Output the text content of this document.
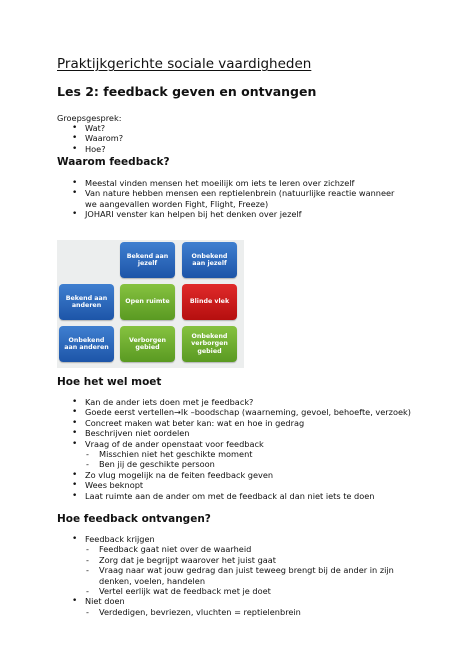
Praktijkgerichte sociale vaardigheden
Les 2: feedback geven en ontvangen
Groepsgesprek:
• Wat?
• Waarom?
• Hoe?
Waarom feedback?
• Meestal vinden mensen het moeilijk om iets te leren over zichzelf
• Van nature hebben mensen een reptielenbrein (natuurlijke reactie wanneer
we aangevallen worden Fight, Flight, Freeze)
• JOHARI venster kan helpen bij het denken over jezelf
Bekend aan jezelf
Onbekend aan jezelf
Bekend aan anderen
Open ruimte	Blinde vlek
Onbekend aan anderen
Verborgen gebied
Onbekend verborgen gebied
Hoe het wel moet
• Kan de ander iets doen met je feedback?
• Goede eerst vertellen→Ik –boodschap (waarneming, gevoel, behoefte, verzoek)
• Concreet maken wat beter kan: wat en hoe in gedrag
• Beschrijven niet oordelen
• Vraag of de ander openstaat voor feedback
- Misschien niet het geschikte moment
- Ben jij de geschikte persoon
• Zo vlug mogelijk na de feiten feedback geven
• Wees beknopt
• Laat ruimte aan de ander om met de feedback al dan niet iets te doen
Hoe feedback ontvangen?
• Feedback krijgen
- Feedback gaat niet over de waarheid
- Zorg dat je begrijpt waarover het juist gaat
- Vraag naar wat jouw gedrag dan juist teweeg brengt bij de ander in zijn
denken, voelen, handelen
- Vertel eerlijk wat de feedback met je doet
• Niet doen
- Verdedigen, bevriezen, vluchten = reptielenbrein
